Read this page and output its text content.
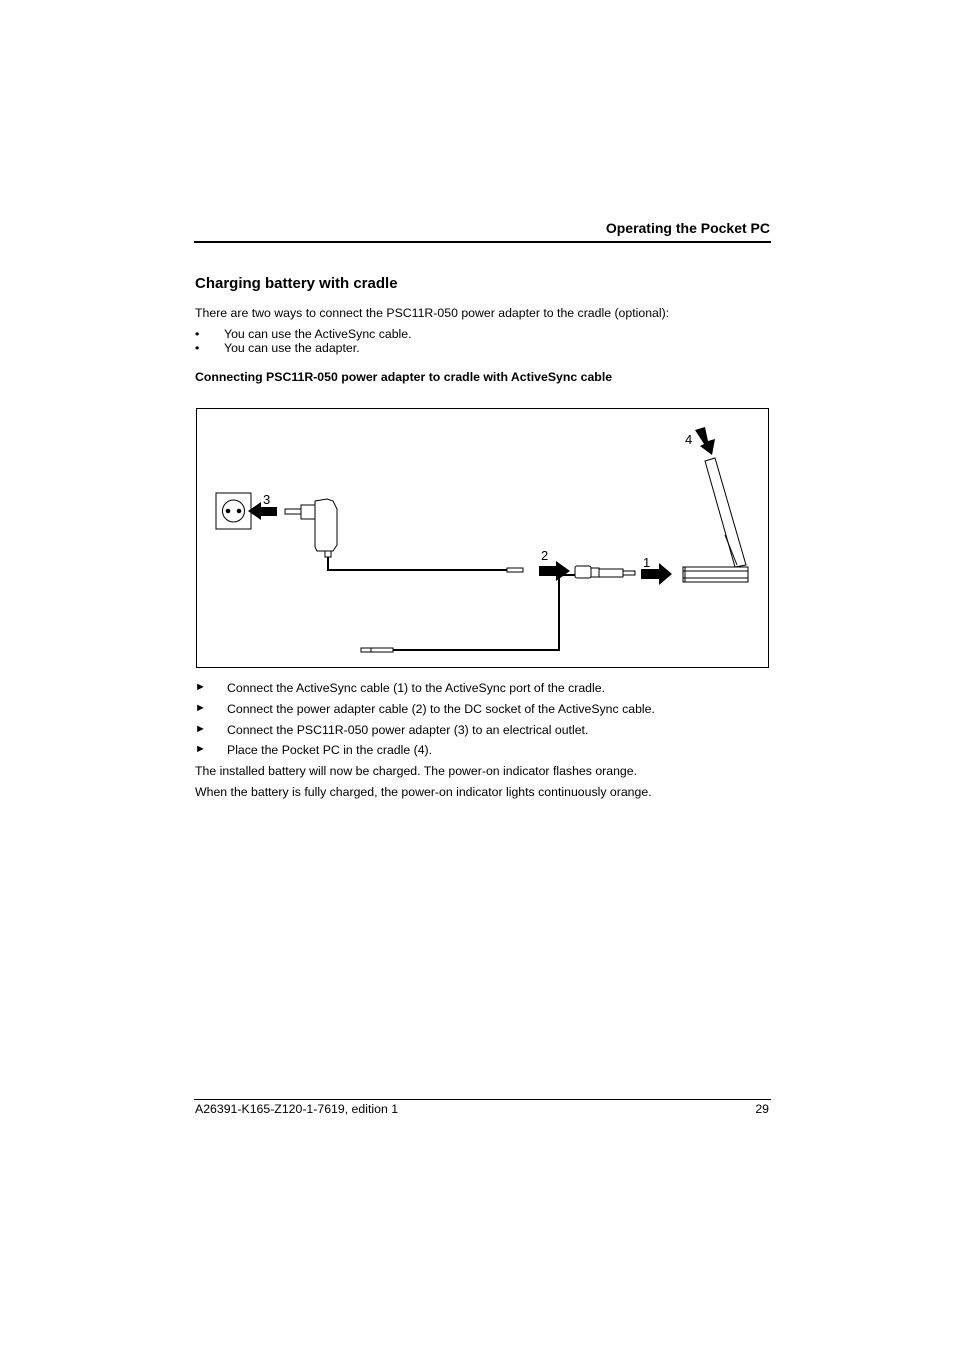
Operating the Pocket PC
Charging battery with cradle
There are two ways to connect the PSC11R-050 power adapter to the cradle (optional):
• You can use the ActiveSync cable.
• You can use the adapter.
Connecting PSC11R-050 power adapter to cradle with ActiveSync cable
1
2
3
4
► Connect the ActiveSync cable (1) to the ActiveSync port of the cradle.
► Connect the power adapter cable (2) to the DC socket of the ActiveSync cable.
► Connect the PSC11R-050 power adapter (3) to an electrical outlet.
► Place the Pocket PC in the cradle (4).
The installed battery will now be charged. The power-on indicator flashes orange.
When the battery is fully charged, the power-on indicator lights continuously orange.
A26391-K165-Z120-1-7619, edition 1	29
